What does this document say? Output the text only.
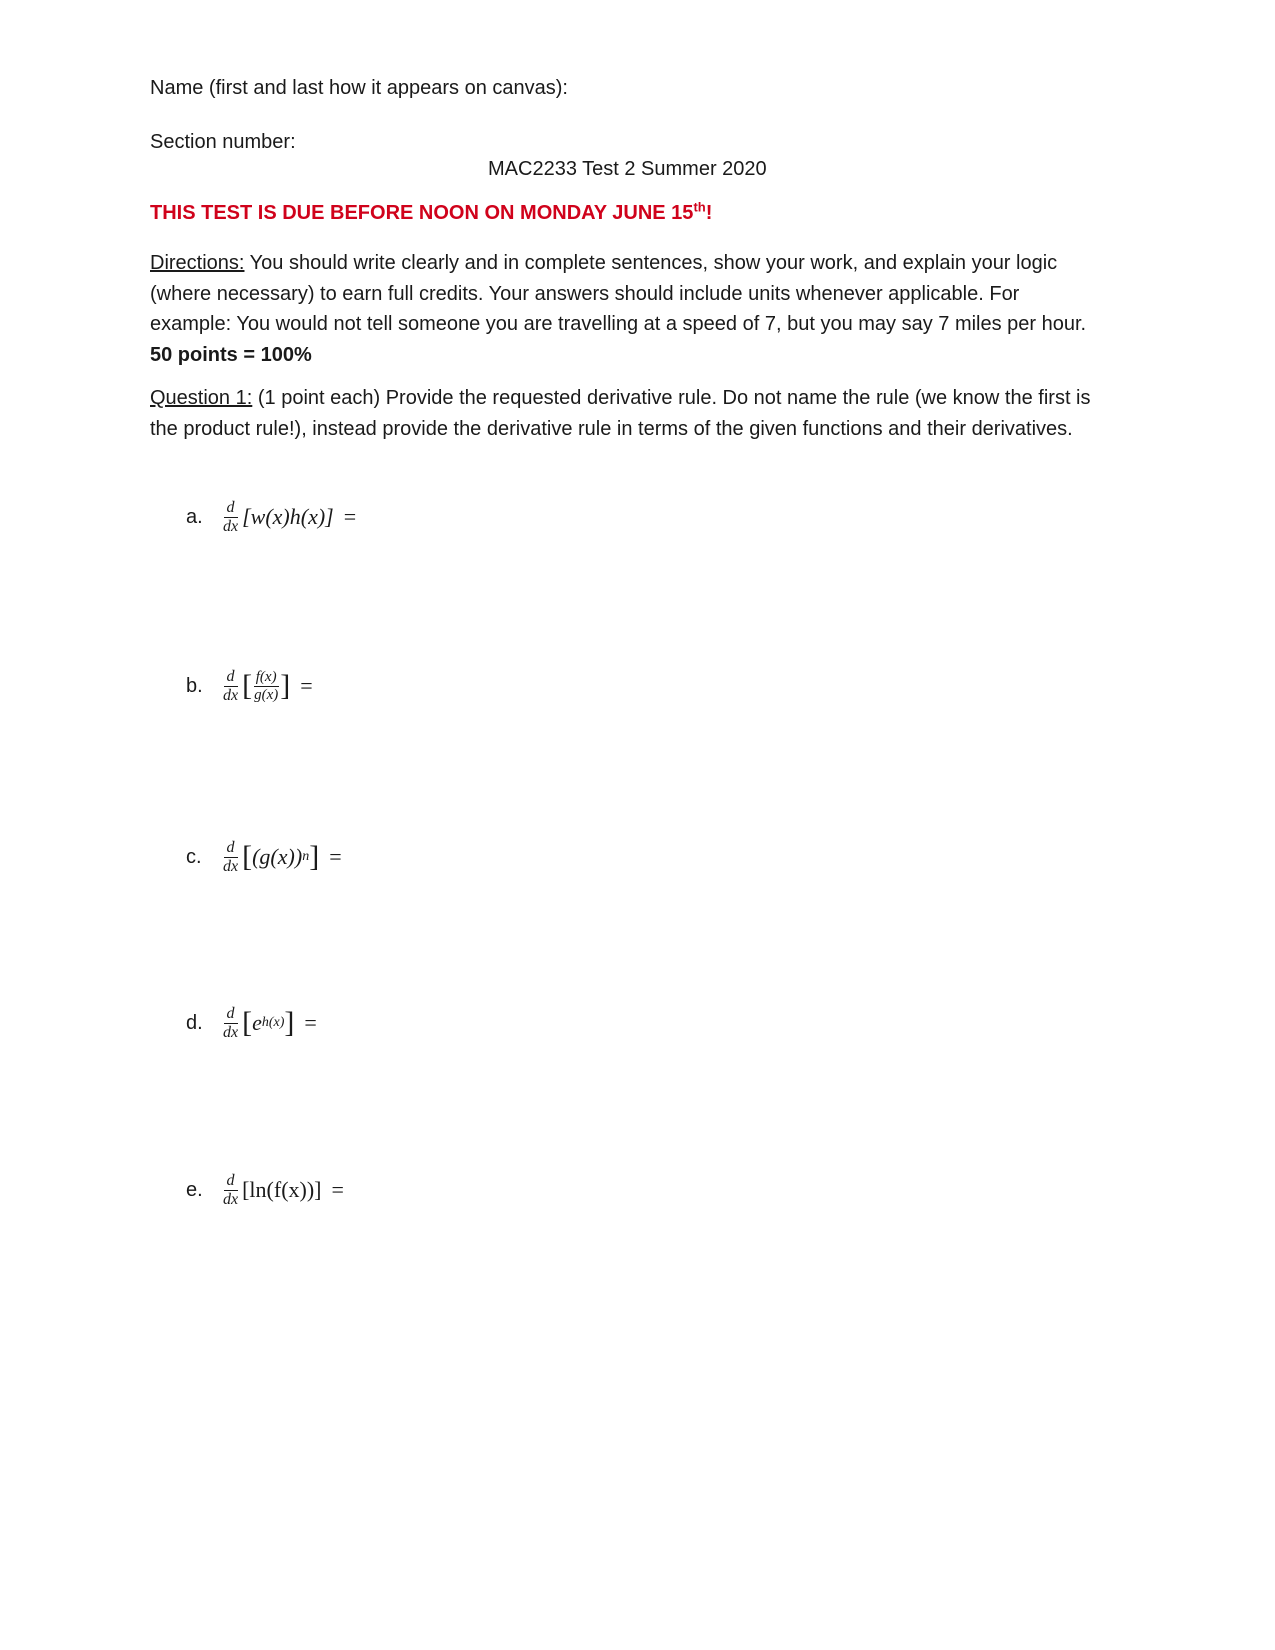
Name (first and last how it appears on canvas):
Section number:
MAC2233 Test 2 Summer 2020
THIS TEST IS DUE BEFORE NOON ON MONDAY JUNE 15th!
Directions: You should write clearly and in complete sentences, show your work, and explain your logic (where necessary) to earn full credits. Your answers should include units whenever applicable. For example: You would not tell someone you are travelling at a speed of 7, but you may say 7 miles per hour. 50 points = 100%
Question 1: (1 point each) Provide the requested derivative rule. Do not name the rule (we know the first is the product rule!), instead provide the derivative rule in terms of the given functions and their derivatives.
a.	$\frac{d}{dx} [w(x)h(x)]$ =
b.	$\frac{d}{dx}$ [ $\frac{f(x)}{g(x)}$ ] =
c.	$\frac{d}{dx}$ [ (g(x)) n ] =
d.	$\frac{d}{dx}$ [ e h(x) ] =
e.	$\frac{d}{dx} [\ln(f(x))]$ =
